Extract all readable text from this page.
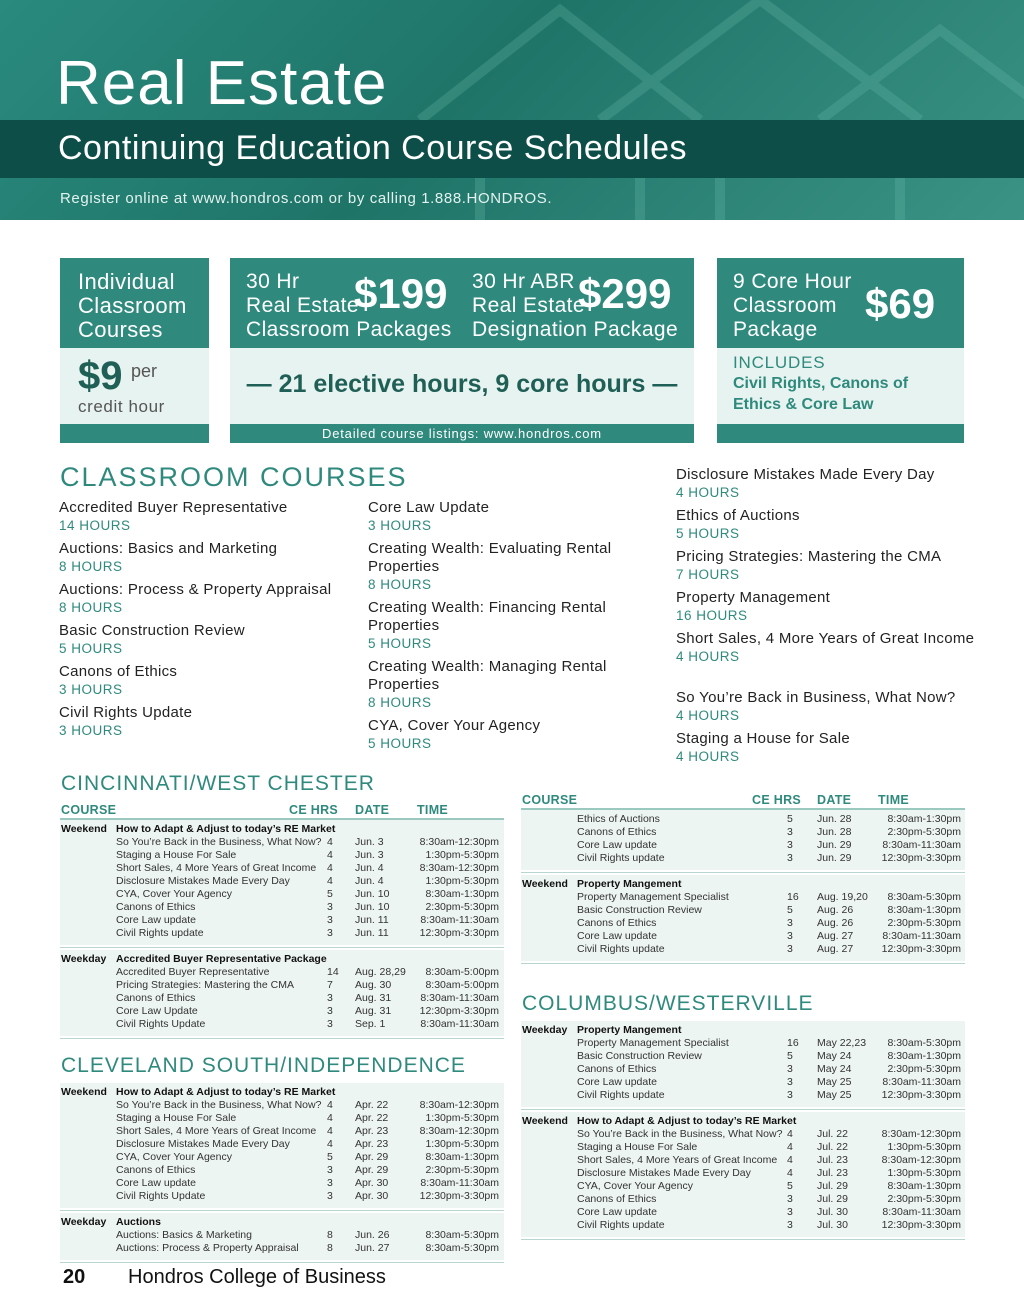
Real Estate
Continuing Education Course Schedules
Register online at www.hondros.com or by calling 1.888.HONDROS.
Individual
Classroom
Courses
$9 per
credit hour
30 Hr
Real Estate
Classroom Packages
$199 30 Hr ABR
Real Estate
Designation Package
$299
— 21 elective hours, 9 core hours —
Detailed course listings: www.hondros.com
9 Core Hour
Classroom
Package
$69
INCLUDES
Civil Rights, Canons of
Ethics & Core Law
CLASSROOM COURSES
Accredited Buyer Representative
14 HOURS
Auctions: Basics and Marketing
8 HOURS
Auctions: Process & Property Appraisal
8 HOURS
Basic Construction Review
5 HOURS
Canons of Ethics
3 HOURS
Civil Rights Update
3 HOURS
Core Law Update
3 HOURS
Creating Wealth: Evaluating Rental Properties
8 HOURS
Creating Wealth: Financing Rental Properties
5 HOURS
Creating Wealth: Managing Rental Properties
8 HOURS
CYA, Cover Your Agency
5 HOURS
Disclosure Mistakes Made Every Day
4 HOURS
Ethics of Auctions
5 HOURS
Pricing Strategies: Mastering the CMA
7 HOURS
Property Management
16 HOURS
Short Sales, 4 More Years of Great Income
4 HOURS
So You’re Back in Business, What Now?
4 HOURS
Staging a House for Sale
4 HOURS
CINCINNATI/WEST CHESTER
CLEVELAND SOUTH/INDEPENDENCE
COLUMBUS/WESTERVILLE
COURSE	CE HRS DATE TIME
COURSE	CE HRS DATE TIME
Weekend How to Adapt & Adjust to today’s RE Market
So You’re Back in the Business, What Now? 4 Jun. 3	8:30am-12:30pm
Staging a House For Sale	4 Jun. 3	1:30pm-5:30pm
Short Sales, 4 More Years of Great Income 4 Jun. 4	8:30am-12:30pm
Disclosure Mistakes Made Every Day	4 Jun. 4	1:30pm-5:30pm
CYA, Cover Your Agency	5 Jun. 10	8:30am-1:30pm
Canons of Ethics	3 Jun. 10	2:30pm-5:30pm
Core Law update	3 Jun. 11	8:30am-11:30am
Civil Rights update	3 Jun. 11	12:30pm-3:30pm
Weekday Accredited Buyer Representative Package
Accredited Buyer Representative	14 Aug. 28,29	8:30am-5:00pm
Pricing Strategies: Mastering the CMA	7 Aug. 30	8:30am-5:00pm
Canons of Ethics	3 Aug. 31	8:30am-11:30am
Core Law Update	3 Aug. 31	12:30pm-3:30pm
Civil Rights Update	3 Sep. 1	8:30am-11:30am
Weekend How to Adapt & Adjust to today’s RE Market
So You’re Back in the Business, What Now? 4 Apr. 22	8:30am-12:30pm
Staging a House For Sale	4 Apr. 22	1:30pm-5:30pm
Short Sales, 4 More Years of Great Income 4 Apr. 23	8:30am-12:30pm
Disclosure Mistakes Made Every Day	4 Apr. 23	1:30pm-5:30pm
CYA, Cover Your Agency	5 Apr. 29	8:30am-1:30pm
Canons of Ethics	3 Apr. 29	2:30pm-5:30pm
Core Law update	3 Apr. 30	8:30am-11:30am
Civil Rights Update	3 Apr. 30	12:30pm-3:30pm
Weekday Auctions
Auctions: Basics & Marketing	8 Jun. 26	8:30am-5:30pm
Auctions: Process & Property Appraisal	8 Jun. 27	8:30am-5:30pm
Ethics of Auctions	5 Jun. 28	8:30am-1:30pm
Canons of Ethics	3 Jun. 28	2:30pm-5:30pm
Core Law update	3 Jun. 29	8:30am-11:30am
Civil Rights update	3 Jun. 29	12:30pm-3:30pm
Weekend Property Mangement
Property Management Specialist	16 Aug. 19,20	8:30am-5:30pm
Basic Construction Review	5 Aug. 26	8:30am-1:30pm
Canons of Ethics	3 Aug. 26	2:30pm-5:30pm
Core Law update	3 Aug. 27	8:30am-11:30am
Civil Rights update	3 Aug. 27	12:30pm-3:30pm
Weekday Property Mangement
Property Management Specialist	16 May 22,23	8:30am-5:30pm
Basic Construction Review	5 May 24	8:30am-1:30pm
Canons of Ethics	3 May 24	2:30pm-5:30pm
Core Law update	3 May 25	8:30am-11:30am
Civil Rights update	3 May 25	12:30pm-3:30pm
Weekend How to Adapt & Adjust to today’s RE Market
So You’re Back in the Business, What Now? 4 Jul. 22	8:30am-12:30pm
Staging a House For Sale	4 Jul. 22	1:30pm-5:30pm
Short Sales, 4 More Years of Great Income 4 Jul. 23	8:30am-12:30pm
Disclosure Mistakes Made Every Day	4 Jul. 23	1:30pm-5:30pm
CYA, Cover Your Agency	5 Jul. 29	8:30am-1:30pm
Canons of Ethics	3 Jul. 29	2:30pm-5:30pm
Core Law update	3 Jul. 30	8:30am-11:30am
Civil Rights update	3 Jul. 30	12:30pm-3:30pm
20 Hondros College of Business
